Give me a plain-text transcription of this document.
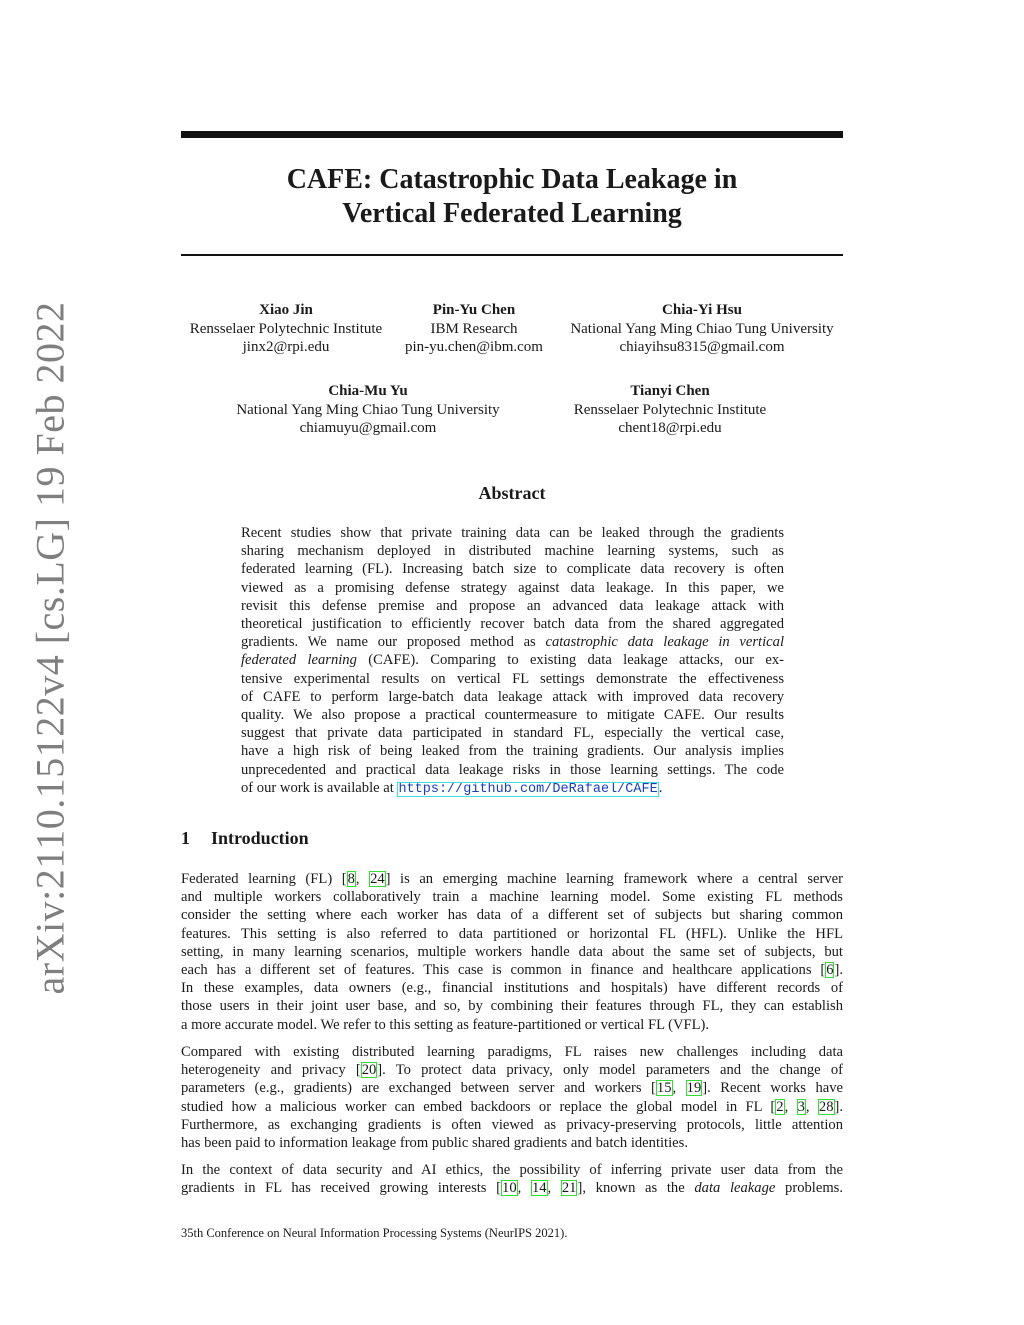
arXiv:2110.15122v4 [cs.LG] 19 Feb 2022
CAFE: Catastrophic Data Leakage in
Vertical Federated Learning
Xiao Jin
Rensselaer Polytechnic Institute
jinx2@rpi.edu
Pin-Yu Chen
IBM Research
pin-yu.chen@ibm.com
Chia-Yi Hsu
National Yang Ming Chiao Tung University
chiayihsu8315@gmail.com
Chia-Mu Yu
National Yang Ming Chiao Tung University
chiamuyu@gmail.com
Tianyi Chen
Rensselaer Polytechnic Institute
chent18@rpi.edu
Abstract
Recent studies show that private training data can be leaked through the gradients
sharing mechanism deployed in distributed machine learning systems, such as
federated learning (FL). Increasing batch size to complicate data recovery is often
viewed as a promising defense strategy against data leakage. In this paper, we
revisit this defense premise and propose an advanced data leakage attack with
theoretical justification to efficiently recover batch data from the shared aggregated
gradients. We name our proposed method as catastrophic data leakage in vertical
federated learning (CAFE). Comparing to existing data leakage attacks, our ex-
tensive experimental results on vertical FL settings demonstrate the effectiveness
of CAFE to perform large-batch data leakage attack with improved data recovery
quality. We also propose a practical countermeasure to mitigate CAFE. Our results
suggest that private data participated in standard FL, especially the vertical case,
have a high risk of being leaked from the training gradients. Our analysis implies
unprecedented and practical data leakage risks in those learning settings. The code
of our work is available at https://github.com/DeRafael/CAFE.
1 Introduction
Federated learning (FL) [8, 24] is an emerging machine learning framework where a central server
and multiple workers collaboratively train a machine learning model. Some existing FL methods
consider the setting where each worker has data of a different set of subjects but sharing common
features. This setting is also referred to data partitioned or horizontal FL (HFL). Unlike the HFL
setting, in many learning scenarios, multiple workers handle data about the same set of subjects, but
each has a different set of features. This case is common in finance and healthcare applications [6].
In these examples, data owners (e.g., financial institutions and hospitals) have different records of
those users in their joint user base, and so, by combining their features through FL, they can establish
a more accurate model. We refer to this setting as feature-partitioned or vertical FL (VFL).
Compared with existing distributed learning paradigms, FL raises new challenges including data
heterogeneity and privacy [20]. To protect data privacy, only model parameters and the change of
parameters (e.g., gradients) are exchanged between server and workers [15, 19]. Recent works have
studied how a malicious worker can embed backdoors or replace the global model in FL [2, 3, 28].
Furthermore, as exchanging gradients is often viewed as privacy-preserving protocols, little attention
has been paid to information leakage from public shared gradients and batch identities.
In the context of data security and AI ethics, the possibility of inferring private user data from the
gradients in FL has received growing interests [10, 14, 21], known as the data leakage problems.
35th Conference on Neural Information Processing Systems (NeurIPS 2021).
